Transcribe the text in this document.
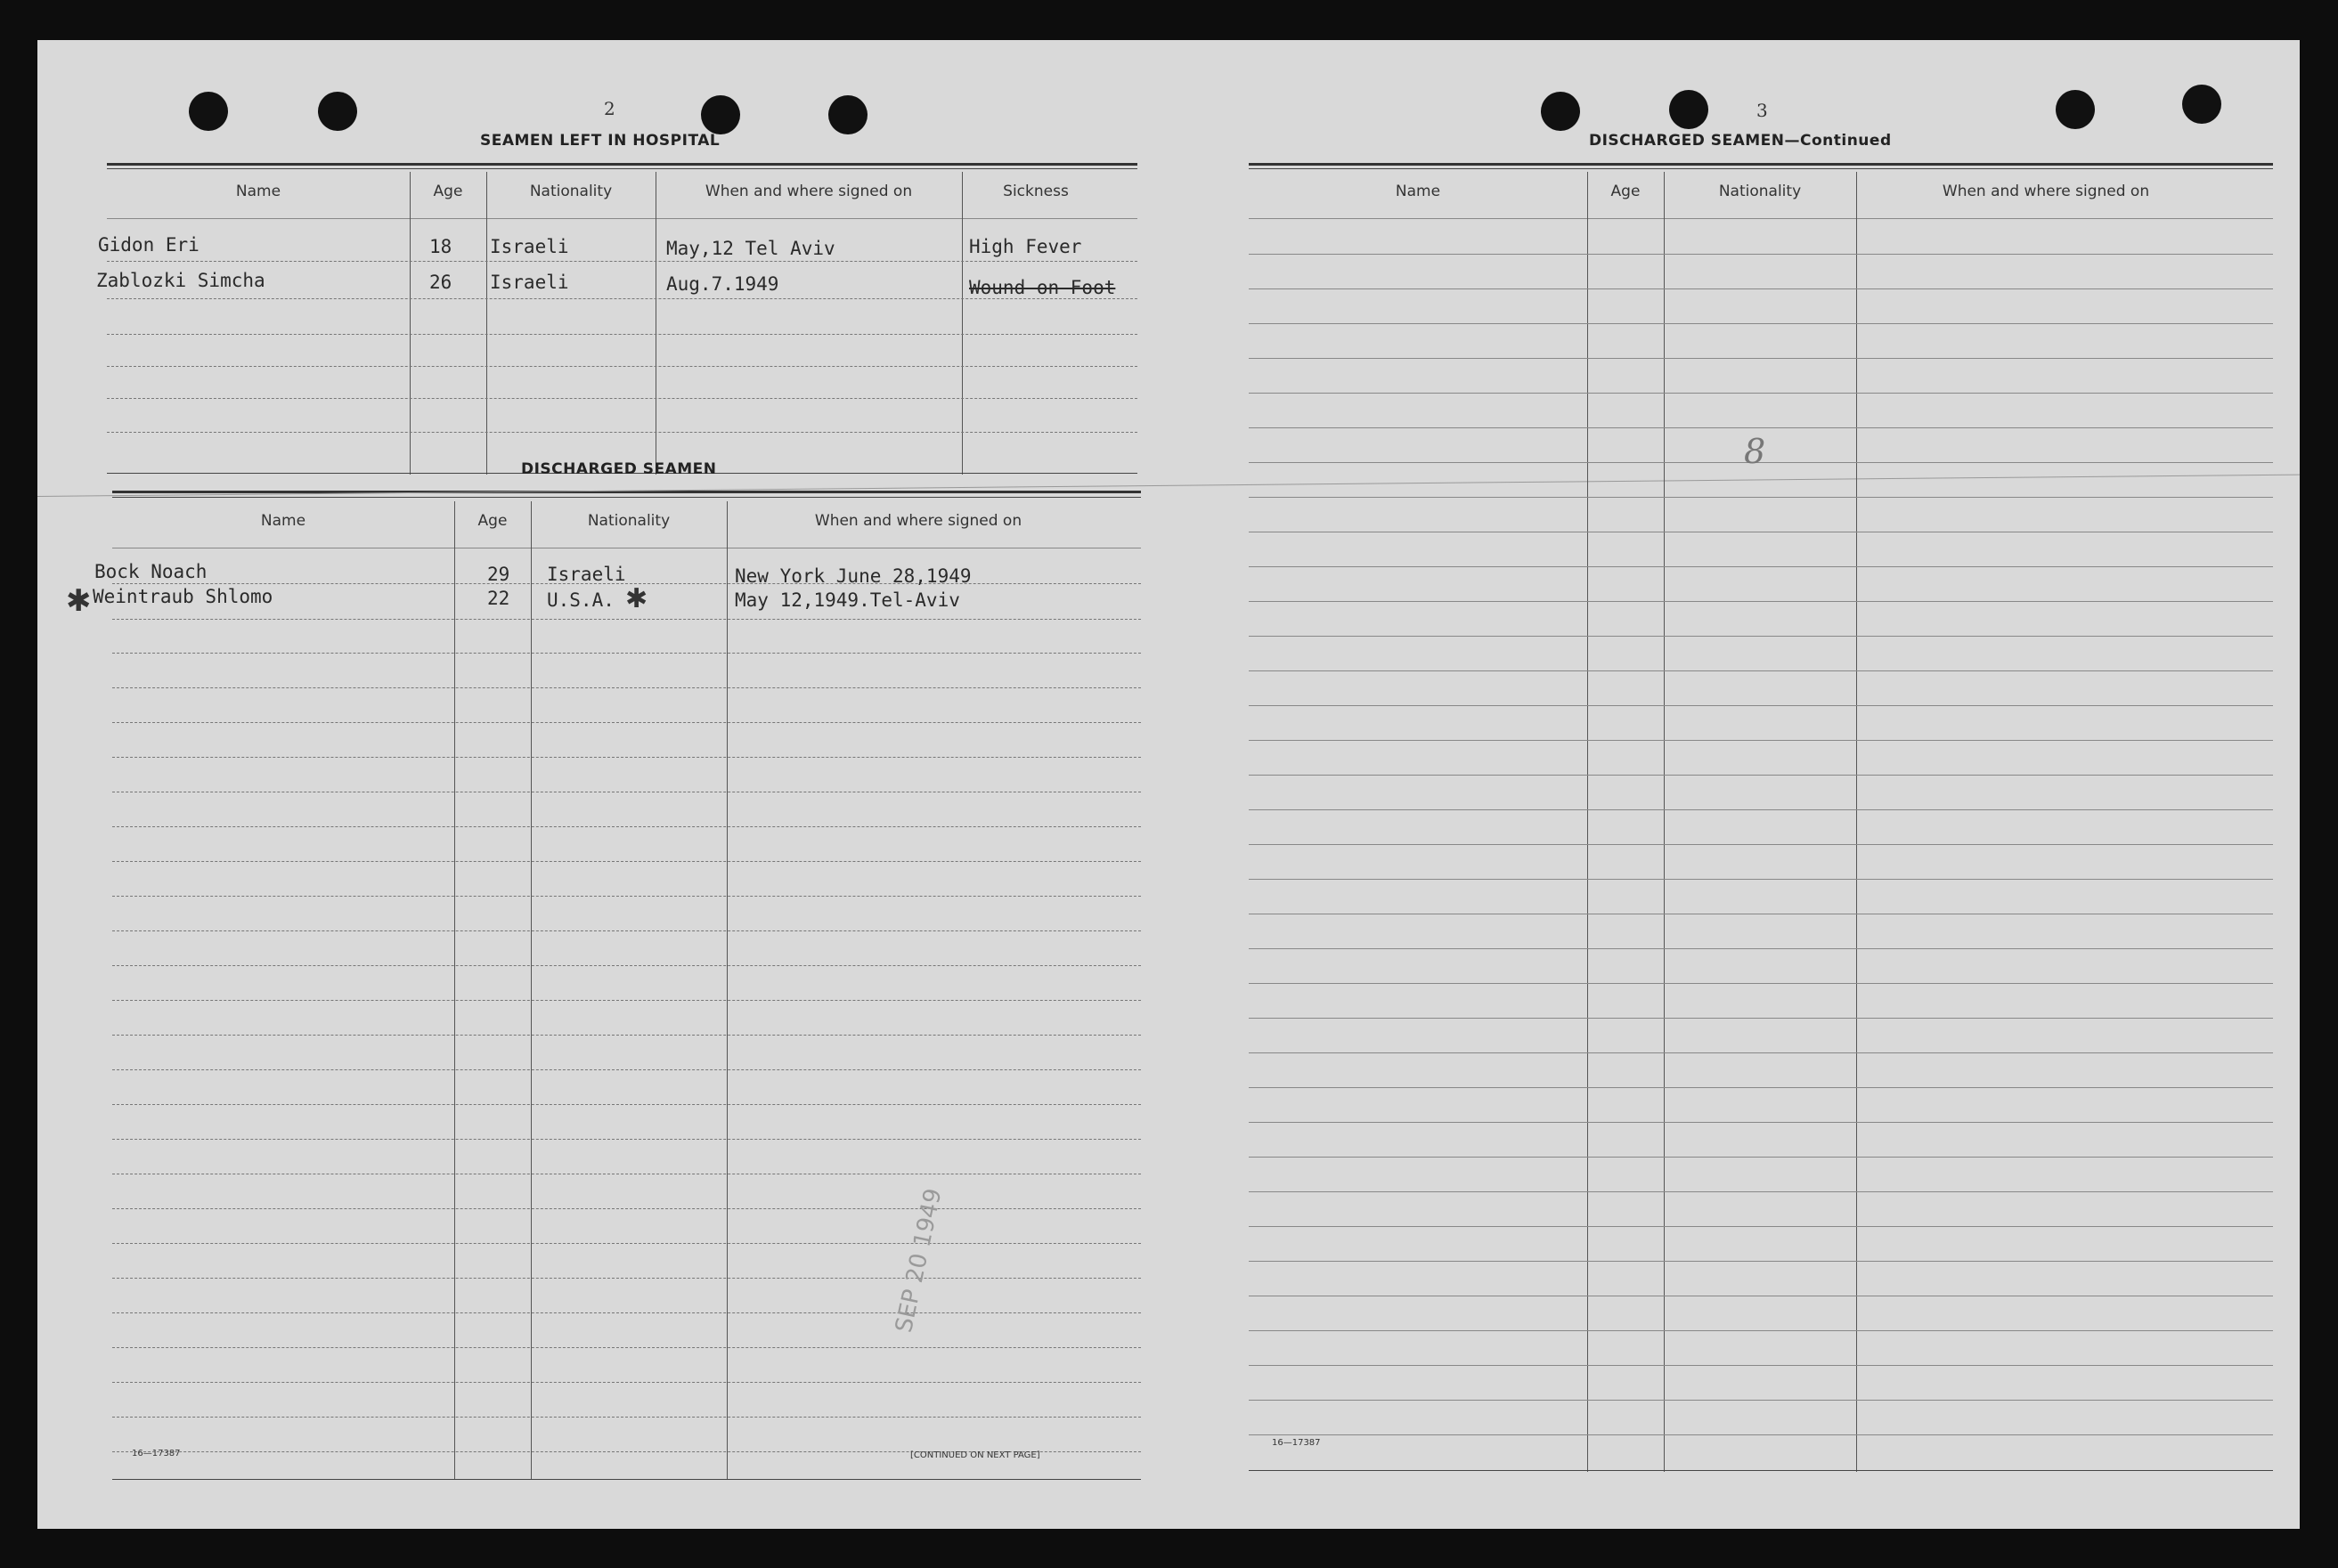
2
SEAMEN LEFT IN HOSPITAL
Name	Age	Nationality	When and where signed on	Sickness
Gidon Eri	18 Israeli	May,12 Tel Aviv	High Fever
Zablozki Simcha	26 Israeli	Aug.7.1949	Wound on Foot
DISCHARGED SEAMEN
Name	Age	Nationality	When and where signed on
Bock Noach	29 Israeli	New York June 28,1949
Weintraub Shlomo	22 U.S.A.	May 12,1949.Tel-Aviv
✱	✱
SEP 20 1949
16—17387	[CONTINUED ON NEXT PAGE]
3
DISCHARGED SEAMEN—Continued
Name	Age	Nationality	When and where signed on
8
16—17387
